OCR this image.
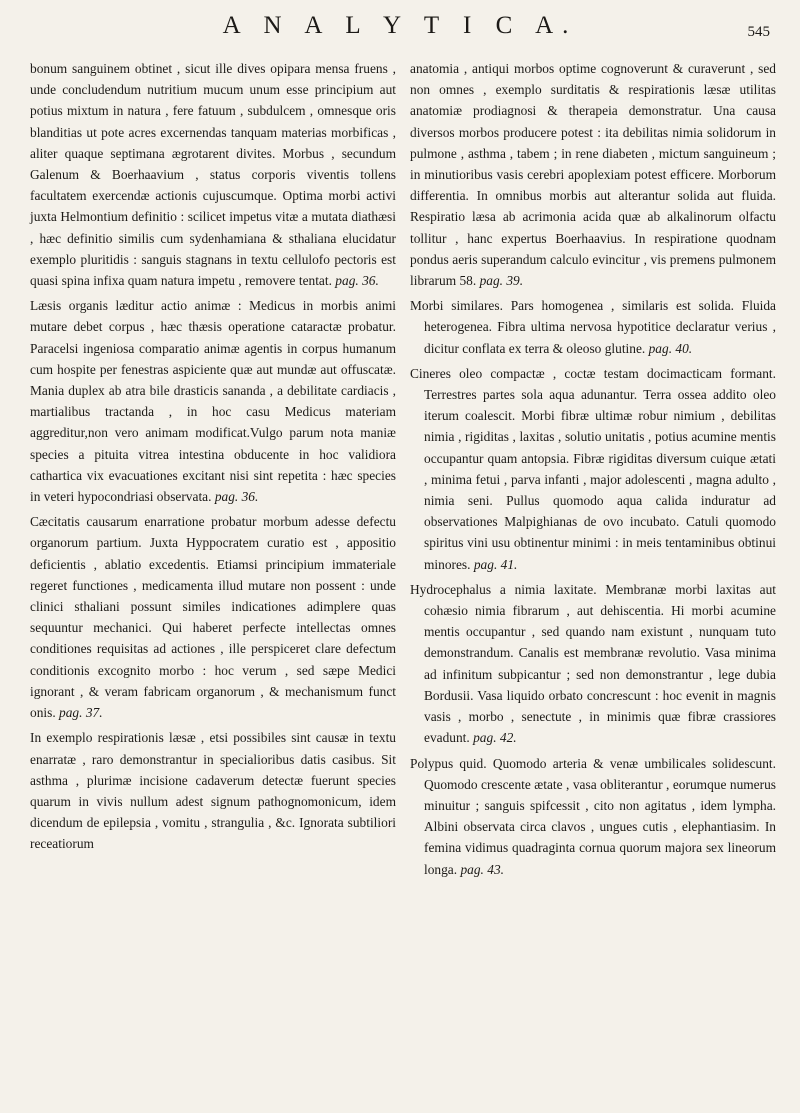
A N A L Y T I C A.	545

bonum sanguinem obtinet , sicut ille dives opipara mensa fruens , unde concludendum nutritium mucum unum esse principium aut potius mixtum in natura , fere fatuum , subdulcem , omnesque oris blanditias ut pote acres excernendas tanquam materias morbificas , aliter quaque septimana ægrotarent divites. Morbus , secundum Galenum & Boerhaavium , status corporis viventis tollens facultatem exercendæ actionis cujuscumque. Optima morbi activi juxta Helmontium definitio : scilicet impetus vitæ a mutata diathæsi , hæc definitio similis cum sydenhamiana & sthaliana elucidatur exemplo pluritidis : sanguis stagnans in textu cellulofo pectoris est quasi spina infixa quam natura impetu , removere tentat. pag. 36.

Læsis organis læditur actio animæ : Medicus in morbis animi mutare debet corpus , hæc thæsis operatione cataractæ probatur. Paracelsi ingeniosa comparatio animæ agentis in corpus humanum cum hospite per fenestras aspiciente quæ aut mundæ aut offuscatæ. Mania duplex ab atra bile drasticis sananda , a debilitate cardiacis , martialibus tractanda , in hoc casu Medicus materiam aggreditur,non vero animam modificat.Vulgo parum nota maniæ species a pituita vitrea intestina obducente in hoc validiora cathartica vix evacuationes excitant nisi sint repetita : hæc species in veteri hypocondriasi observata. pag. 36.

Cæcitatis causarum enarratione probatur morbum adesse defectu organorum partium. Juxta Hyppocratem curatio est , appositio deficientis , ablatio excedentis. Etiamsi principium immateriale regeret functiones , medicamenta illud mutare non possent : unde clinici sthaliani possunt similes indicationes adimplere quas sequuntur mechanici. Qui haberet perfecte intellectas omnes conditiones requisitas ad actiones , ille perspiceret clare defectum conditionis excognito morbo : hoc verum , sed sæpe Medici ignorant , & veram fabricam organorum , & mechanismum funct onis. pag. 37.

In exemplo respirationis læsæ , etsi possibiles sint causæ in textu enarratæ , raro demonstrantur in specialioribus datis casibus. Sit asthma , plurimæ incisione cadaverum detectæ fuerunt species quarum in vivis nullum adest signum pathognomonicum, idem dicendum de epilepsia , vomitu , strangulia , &c. Ignorata subtiliori receatiorum

anatomia , antiqui morbos optime cognoverunt & curaverunt , sed non omnes , exemplo surditatis & respirationis læsæ utilitas anatomiæ prodiagnosi & therapeia demonstratur. Una causa diversos morbos producere potest : ita debilitas nimia solidorum in pulmone , asthma , tabem ; in rene diabeten , mictum sanguineum ; in minutioribus vasis cerebri apoplexiam potest efficere. Morborum differentia. In omnibus morbis aut alterantur solida aut fluida. Respiratio læsa ab acrimonia acida quæ ab alkalinorum olfactu tollitur , hanc expertus Boerhaavius. In respiratione quodnam pondus aeris superandum calculo evincitur , vis premens pulmonem librarum 58. pag. 39.

Morbi similares. Pars homogenea , similaris est solida. Fluida heterogenea. Fibra ultima nervosa hypotitice declaratur verius , dicitur conflata ex terra & oleoso glutine. pag. 40.

Cineres oleo compactæ , coctæ testam docimacticam formant. Terrestres partes sola aqua adunantur. Terra ossea addito oleo iterum coalescit. Morbi fibræ ultimæ robur nimium , debilitas nimia , rigiditas , laxitas , solutio unitatis , potius acumine mentis occupantur quam antopsia. Fibræ rigiditas diversum cuique ætati , minima fetui , parva infanti , major adolescenti , magna adulto , nimia seni. Pullus quomodo aqua calida induratur ad observationes Malpighianas de ovo incubato. Catuli quomodo spiritus vini usu obtinentur minimi : in meis tentaminibus obtinui minores. pag. 41.

Hydrocephalus a nimia laxitate. Membranæ morbi laxitas aut cohæsio nimia fibrarum , aut dehiscentia. Hi morbi acumine mentis occupantur , sed quando nam existunt , nunquam tuto demonstrandum. Canalis est membranæ revolutio. Vasa minima ad infinitum subpicantur ; sed non demonstrantur , lege dubia Bordusii. Vasa liquido orbato concrescunt : hoc evenit in magnis vasis , morbo , senectute , in minimis quæ fibræ crassiores evadunt. pag. 42.

Polypus quid. Quomodo arteria & venæ umbilicales solidescunt. Quomodo crescente ætate , vasa obliterantur , eorumque numerus minuitur ; sanguis spifcessit , cito non agitatus , idem lympha. Albini observata circa clavos , ungues cutis , elephantiasim. In femina vidimus quadraginta cornua quorum majora sex lineorum longa. pag. 43.
